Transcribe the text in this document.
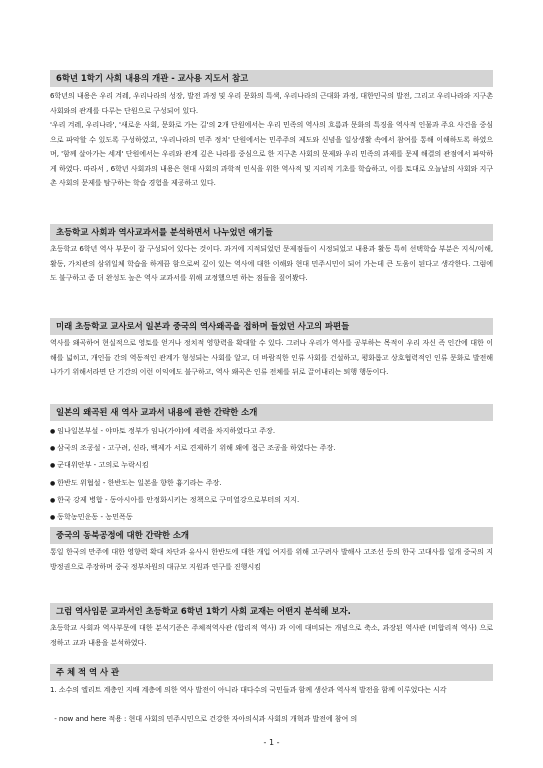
6학년 1학기 사회 내용의 개관 - 교사용 지도서 참고

6학년의 내용은 우리 겨레, 우리나라의 성장, 발전 과정 및 우리 문화의 특색, 우리나라의 근대화 과정, 대한민국의 발전, 그리고 우리나라와 지구촌 사회와의 관계를 다루는 단원으로 구성되어 있다.

'우리 겨레, 우리나라', '새로운 사회, 문화로 가는 길'의 2개 단원에서는 우리 민족의 역사의 흐름과 문화의 특징을 역사적 인물과 주요 사건을 중심으로 파악할 수 있도록 구성하였고, '우리나라의 민주 정치' 단원에서는 민주주의 제도와 신념을 일상생활 속에서 참여를 통해 이해하도록 하였으며, '함께 살아가는 세계' 단원에서는 우리와 관계 깊은 나라를 중심으로 한 지구촌 사회의 문제와 우리 민족의 과제를 문제 해결의 관점에서 파악하게 하였다. 따라서 , 6학년 사회과의 내용은 현대 사회의 과학적 인식을 위한 역사적 및 지리적 기초를 학습하고, 이를 토대로 오늘날의 사회와 지구촌 사회의 문제를 탐구하는 학습 경험을 제공하고 있다.

초등학교 사회과 역사교과서를 분석하면서 나누었던 얘기들

초등학교 6학년 역사 부문이 잘 구성되어 있다는 것이다. 과거에 지적되었던 문제점들이 시정되었고 내용과 활동 특히 선택학습 부분은 지식/이해, 활동, 가치관의 삼위일체 학습을 하게끔 함으로써 깊이 있는 역사에 대한 이해와 현대 민주시민이 되어 가는데 큰 도움이 된다고 생각한다. 그럼에도 불구하고 좀 더 완성도 높은 역사 교과서를 위해 교정했으면 하는 점들을 짚어봤다.

미래 초등학교 교사로서 일본과 중국의 역사왜곡을 접하며 들었던 사고의 파편들

역사를 왜곡하여 현실적으로 영토를 얻거나 정치적 영향력을 확대할 수 있다. 그러나 우리가 역사를 공부하는 목적이 우리 자신 즉 인간에 대한 이해를 넓히고, 개인들 간의 역동적인 관계가 형성되는 사회를 알고, 더 바람직한 인류 사회를 건설하고, 평화롭고 상호협력적인 인류 문화로 발전해 나가기 위해서라면 단 기간의 이런 이익에도 불구하고, 역사 왜곡은 인류 전체를 뒤로 끌어내리는 퇴행 행동이다.

일본의 왜곡된 새 역사 교과서 내용에 관한 간략한 소개
● 임나일본부설 - 야마토 정부가 임나(가야)에 세력을 차지하였다고 주장.
● 삼국의 조공설 - 고구려, 신라, 백제가 서로 견제하기 위해 왜에 접근 조공을 하였다는 주장.
● 군대위안부 - 고의로 누락시킴
● 한반도 위협설 - 한반도는 일본을 향한 흉기라는 주장.
● 한국 강제 병합 - 동아시아를 안정화시키는 정책으로 구미열강으로부터의 지지.
● 동학농민운동 - 농민폭동
중국의 동북공정에 대한 간략한 소개

통일 한국의 만주에 대한 영향력 확대 차단과 유사시 한반도에 대한 개입 여지를 위해 고구려사 발해사 고조선 등의 한국 고대사를 일개 중국의 지방정권으로 주장하며 중국 정부차원의 대규모 지원과 연구를 진행시킴

그럼 역사임문 교과서인 초등학교 6학년 1학기 사회 교재는 어떤지 분석해 보자.

초등학교 사회과 역사부문에 대한 분석기준은 주체적역사관 (합리적 역사) 과 이에 대비되는 개념으로 축소, 과장된 역사관 (비합리적 역사) 으로 정하고 교과 내용을 분석하였다.

주 체 적 역 사 관

1. 소수의 엘리트 계층인 지배 계층에 의한 역사 발전이 아니라 대다수의 국민들과 함께 생산과 역사적 발전을 함께 이루었다는 시각

- now and here 적용 : 현대 사회의 민주시민으로 건강한 자아의식과 사회의 개혁과 발전에 참여 의

- 1 -
